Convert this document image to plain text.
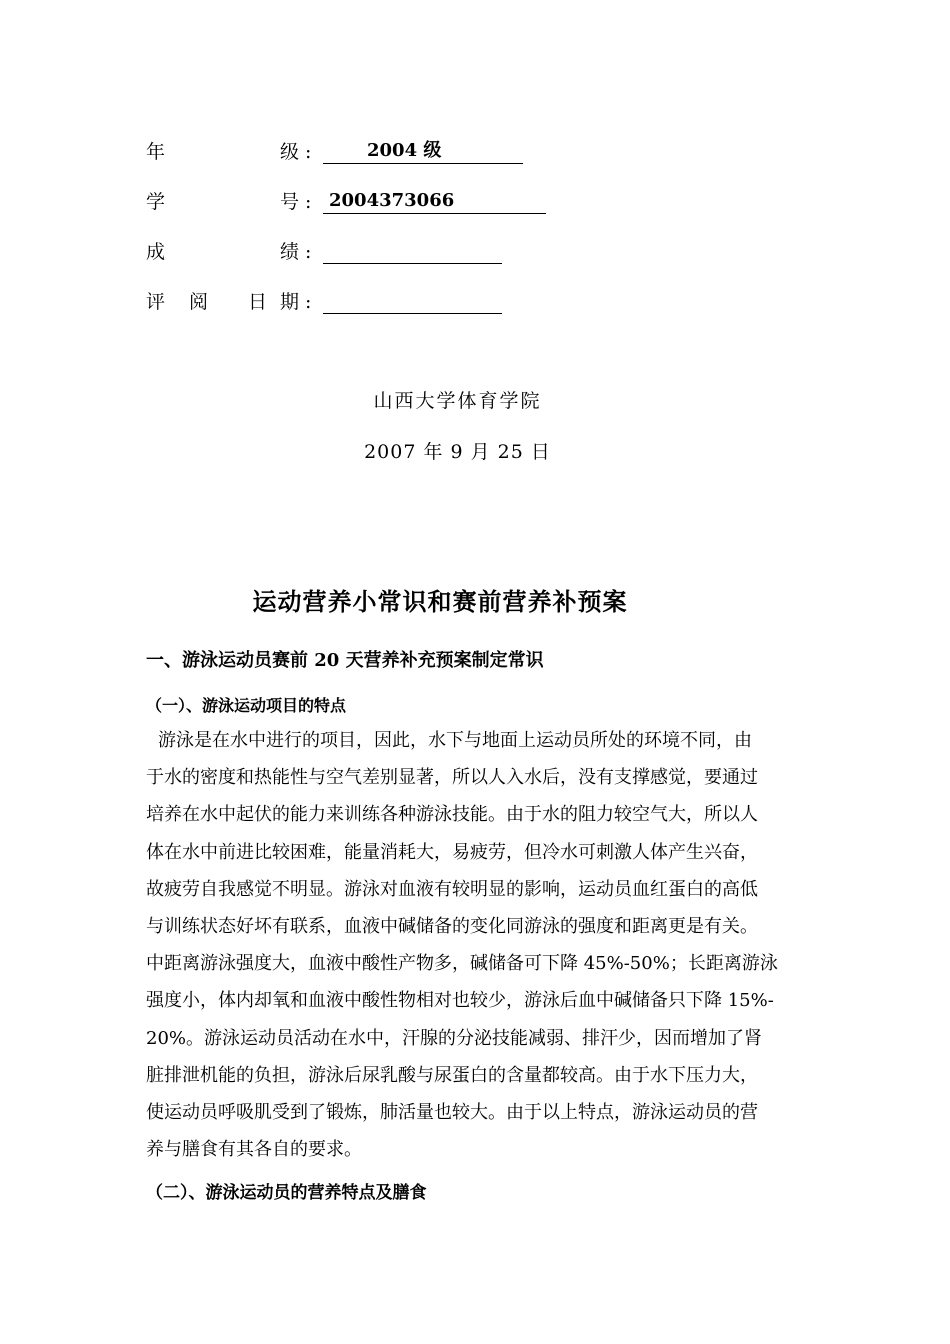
年	级 :	2004 级
学	号 : 2004373066
成	绩 :
评 阅 日 期 :
山西大学体育学院
2007 年 9 月 25 日
运动营养小常识和赛前营养补预案
一、游泳运动员赛前 20 天营养补充预案制定常识
（一）、游泳运动项目的特点
游泳是在水中进行的项目，因此，水下与地面上运动员所处的环境不同，由
于水的密度和热能性与空气差别显著，所以人入水后，没有支撑感觉，要通过
培养在水中起伏的能力来训练各种游泳技能。由于水的阻力较空气大，所以人
体在水中前进比较困难，能量消耗大，易疲劳，但冷水可刺激人体产生兴奋，
故疲劳自我感觉不明显。游泳对血液有较明显的影响，运动员血红蛋白的高低
与训练状态好坏有联系，血液中碱储备的变化同游泳的强度和距离更是有关。
中距离游泳强度大，血液中酸性产物多，碱储备可下降 45%-50%；长距离游泳
强度小，体内却氧和血液中酸性物相对也较少，游泳后血中碱储备只下降 15%-
20%。游泳运动员活动在水中，汗腺的分泌技能减弱、排汗少，因而增加了肾
脏排泄机能的负担，游泳后尿乳酸与尿蛋白的含量都较高。由于水下压力大，
使运动员呼吸肌受到了锻炼，肺活量也较大。由于以上特点，游泳运动员的营
养与膳食有其各自的要求。
（二）、游泳运动员的营养特点及膳食
